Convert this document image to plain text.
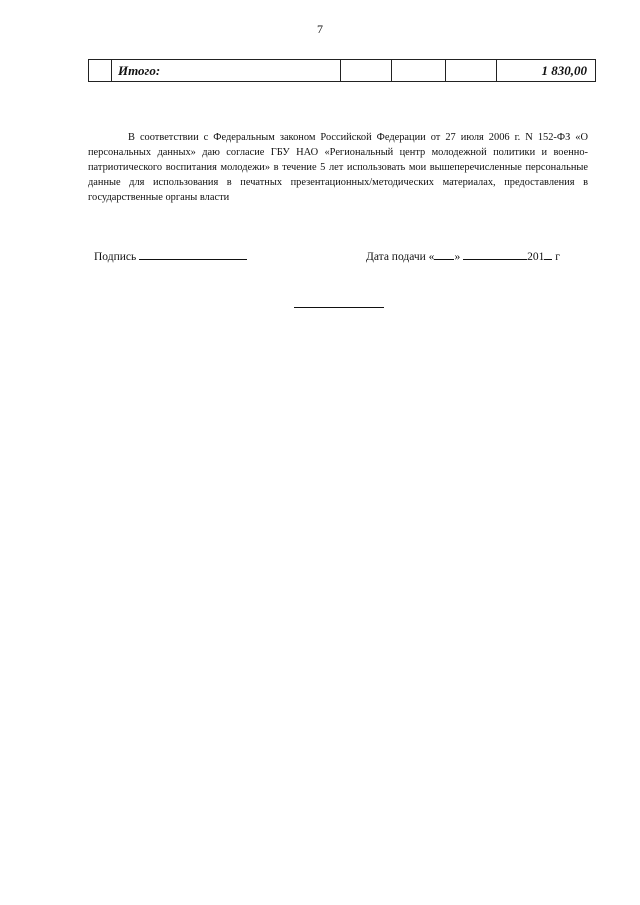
7

Итого:				1 830,00

В соответствии с Федеральным законом Российской Федерации от 27 июля 2006 г. N 152-ФЗ «О персональных данных» даю согласие ГБУ НАО «Региональный центр молодежной политики и военно-патриотического воспитания молодежи» в течение 5 лет использовать мои вышеперечисленные персональные данные для использования в печатных презентационных/методических материалах, предоставления в государственные органы власти

Подпись	Дата подачи « »	201 г
